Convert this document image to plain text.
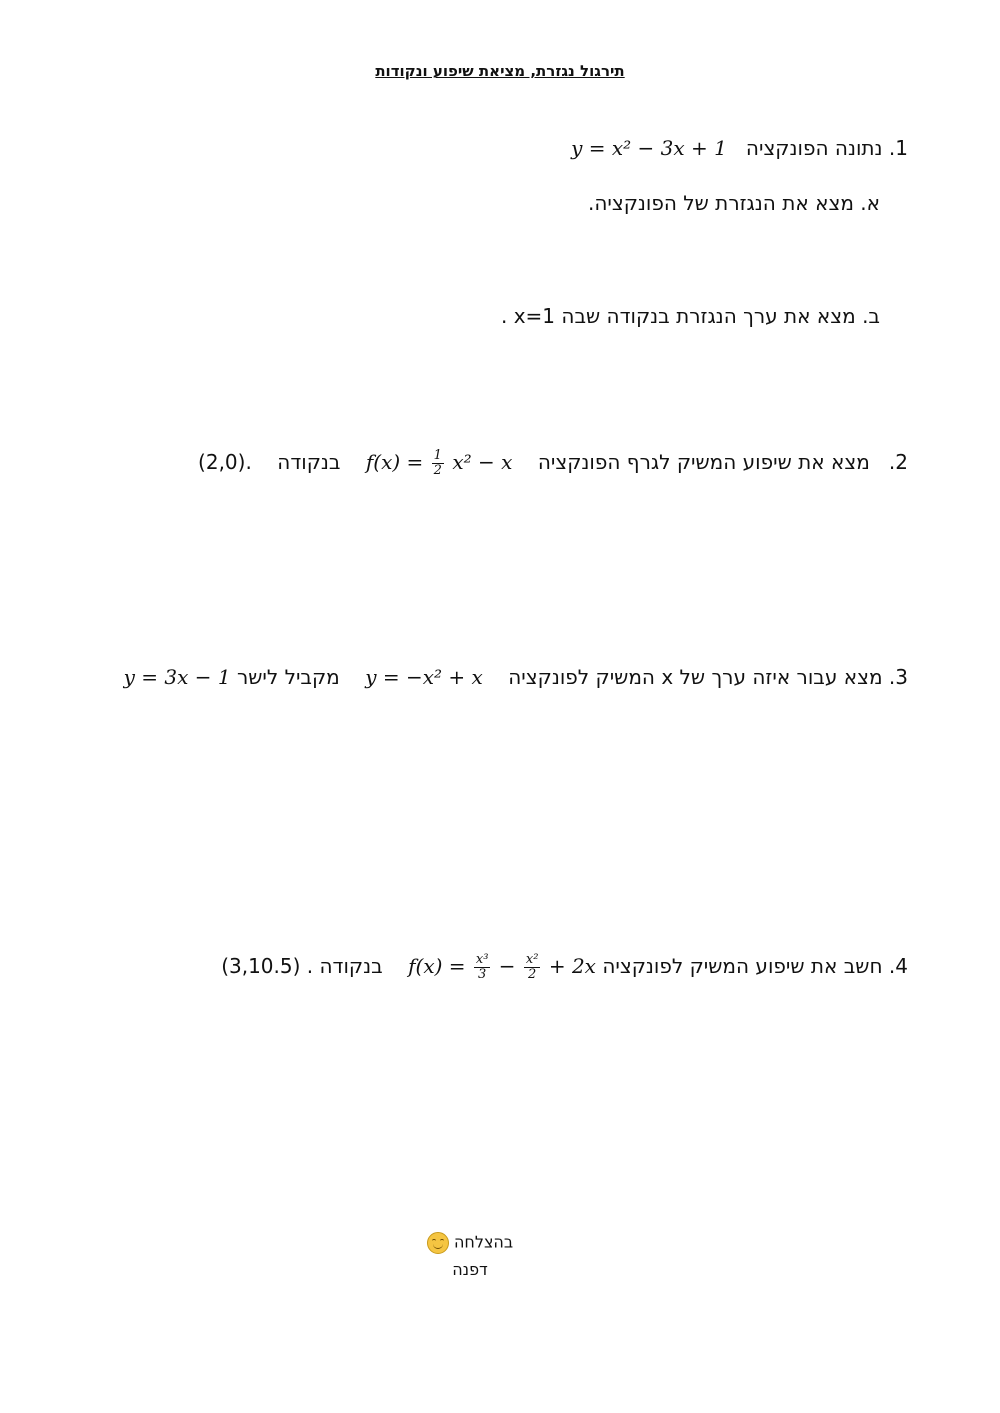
תירגול נגזרת, מציאת שיפוע ונקודות
1. נתונה הפונקציה   y = x² − 3x + 1
א. מצא את הנגזרת של הפונקציה.
ב. מצא את ערך הנגזרת בנקודה שבה x=1 .
2.   מצא את שיפוע המשיק לגרף הפונקציה    $f(x) = \frac{1}{2} x^2 - x$    בנקודה    (2,0).
3. מצא עבור איזה ערך של x המשיק לפונקציה    y = −x² + x    מקביל לישר y = 3x − 1
4. חשב את שיפוע המשיק לפונקציה $f(x) = \frac{\text{x³}}{3} - \frac{\text{x²}}{2} + 2x$    בנקודה (3,10.5) .
בהצלחה
דפנה
